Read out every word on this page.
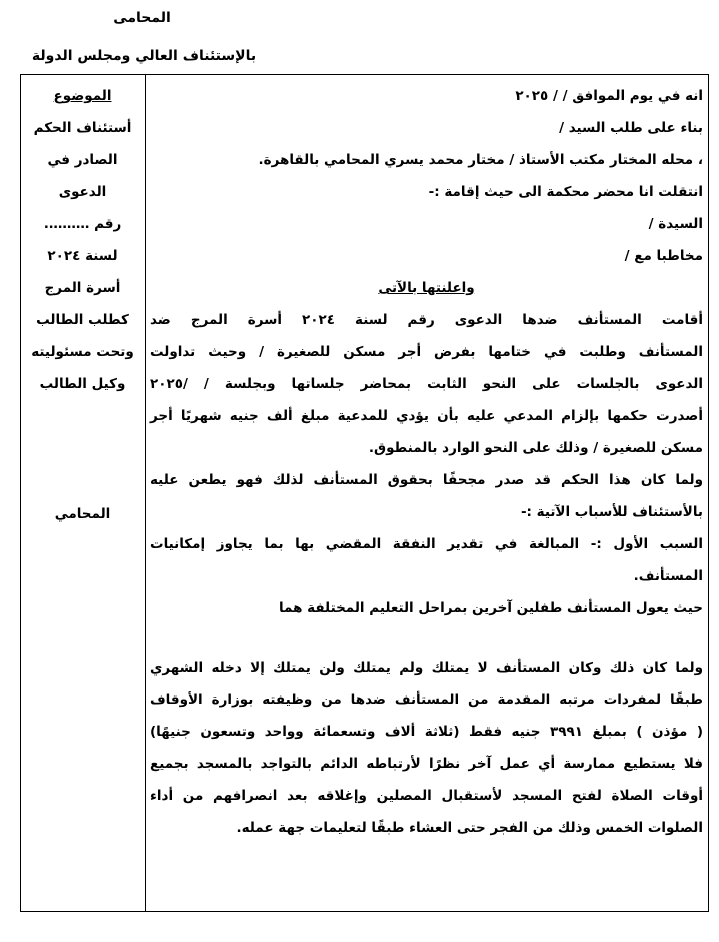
المحامى
بالإستئناف العالي ومجلس الدولة
الموضوع
أستئناف الحكم
الصادر في
الدعوى
رقم ……….
لسنة ٢٠٢٤
أسرة المرج
كطلب الطالب
وتحت مسئوليته
وكيل الطالب
المحامي
انه في يوم الموافق / / ٢٠٢٥
بناء على طلب السيد /
، محله المختار مكتب الأستاذ / مختار محمد يسري المحامي بالقاهرة.
انتقلت انا محضر محكمة الى حيث إقامة :-
السيدة /
مخاطبا مع /
واعلنتها بالآتى
أقامت المستأنف ضدها الدعوى رقم لسنة ٢٠٢٤ أسرة المرج ضد
المستأنف وطلبت في ختامها بفرض أجر مسكن للصغيرة / وحيث تداولت
الدعوى بالجلسات على النحو الثابت بمحاضر جلساتها وبجلسة / /٢٠٢٥
أصدرت حكمها بإلزام المدعي عليه بأن يؤدي للمدعية مبلغ ألف جنيه شهريًا أجر
مسكن للصغيرة / وذلك على النحو الوارد بالمنطوق.
ولما كان هذا الحكم قد صدر مجحفًا بحقوق المستأنف لذلك فهو يطعن عليه
بالأستئناف للأسباب الآتية :-
السبب الأول :- المبالغة في تقدير النفقة المقضي بها بما يجاوز إمكانيات
المستأنف.
حيث يعول المستأنف طفلين آخرين بمراحل التعليم المختلفة هما
ولما كان ذلك وكان المستأنف لا يمتلك ولم يمتلك ولن يمتلك إلا دخله الشهري
طبقًا لمفردات مرتبه المقدمة من المستأنف ضدها من وظيفته بوزارة الأوقاف
( مؤذن ) بمبلغ ٣٩٩١ جنيه فقط (ثلاثة ألاف وتسعمائة وواحد وتسعون جنيهًا)
فلا يستطيع ممارسة أي عمل آخر نظرًا لأرتباطه الدائم بالتواجد بالمسجد بجميع
أوقات الصلاة لفتح المسجد لأستقبال المصلين وإغلاقه بعد انصرافهم من أداء
الصلوات الخمس وذلك من الفجر حتى العشاء طبقًا لتعليمات جهة عمله.
